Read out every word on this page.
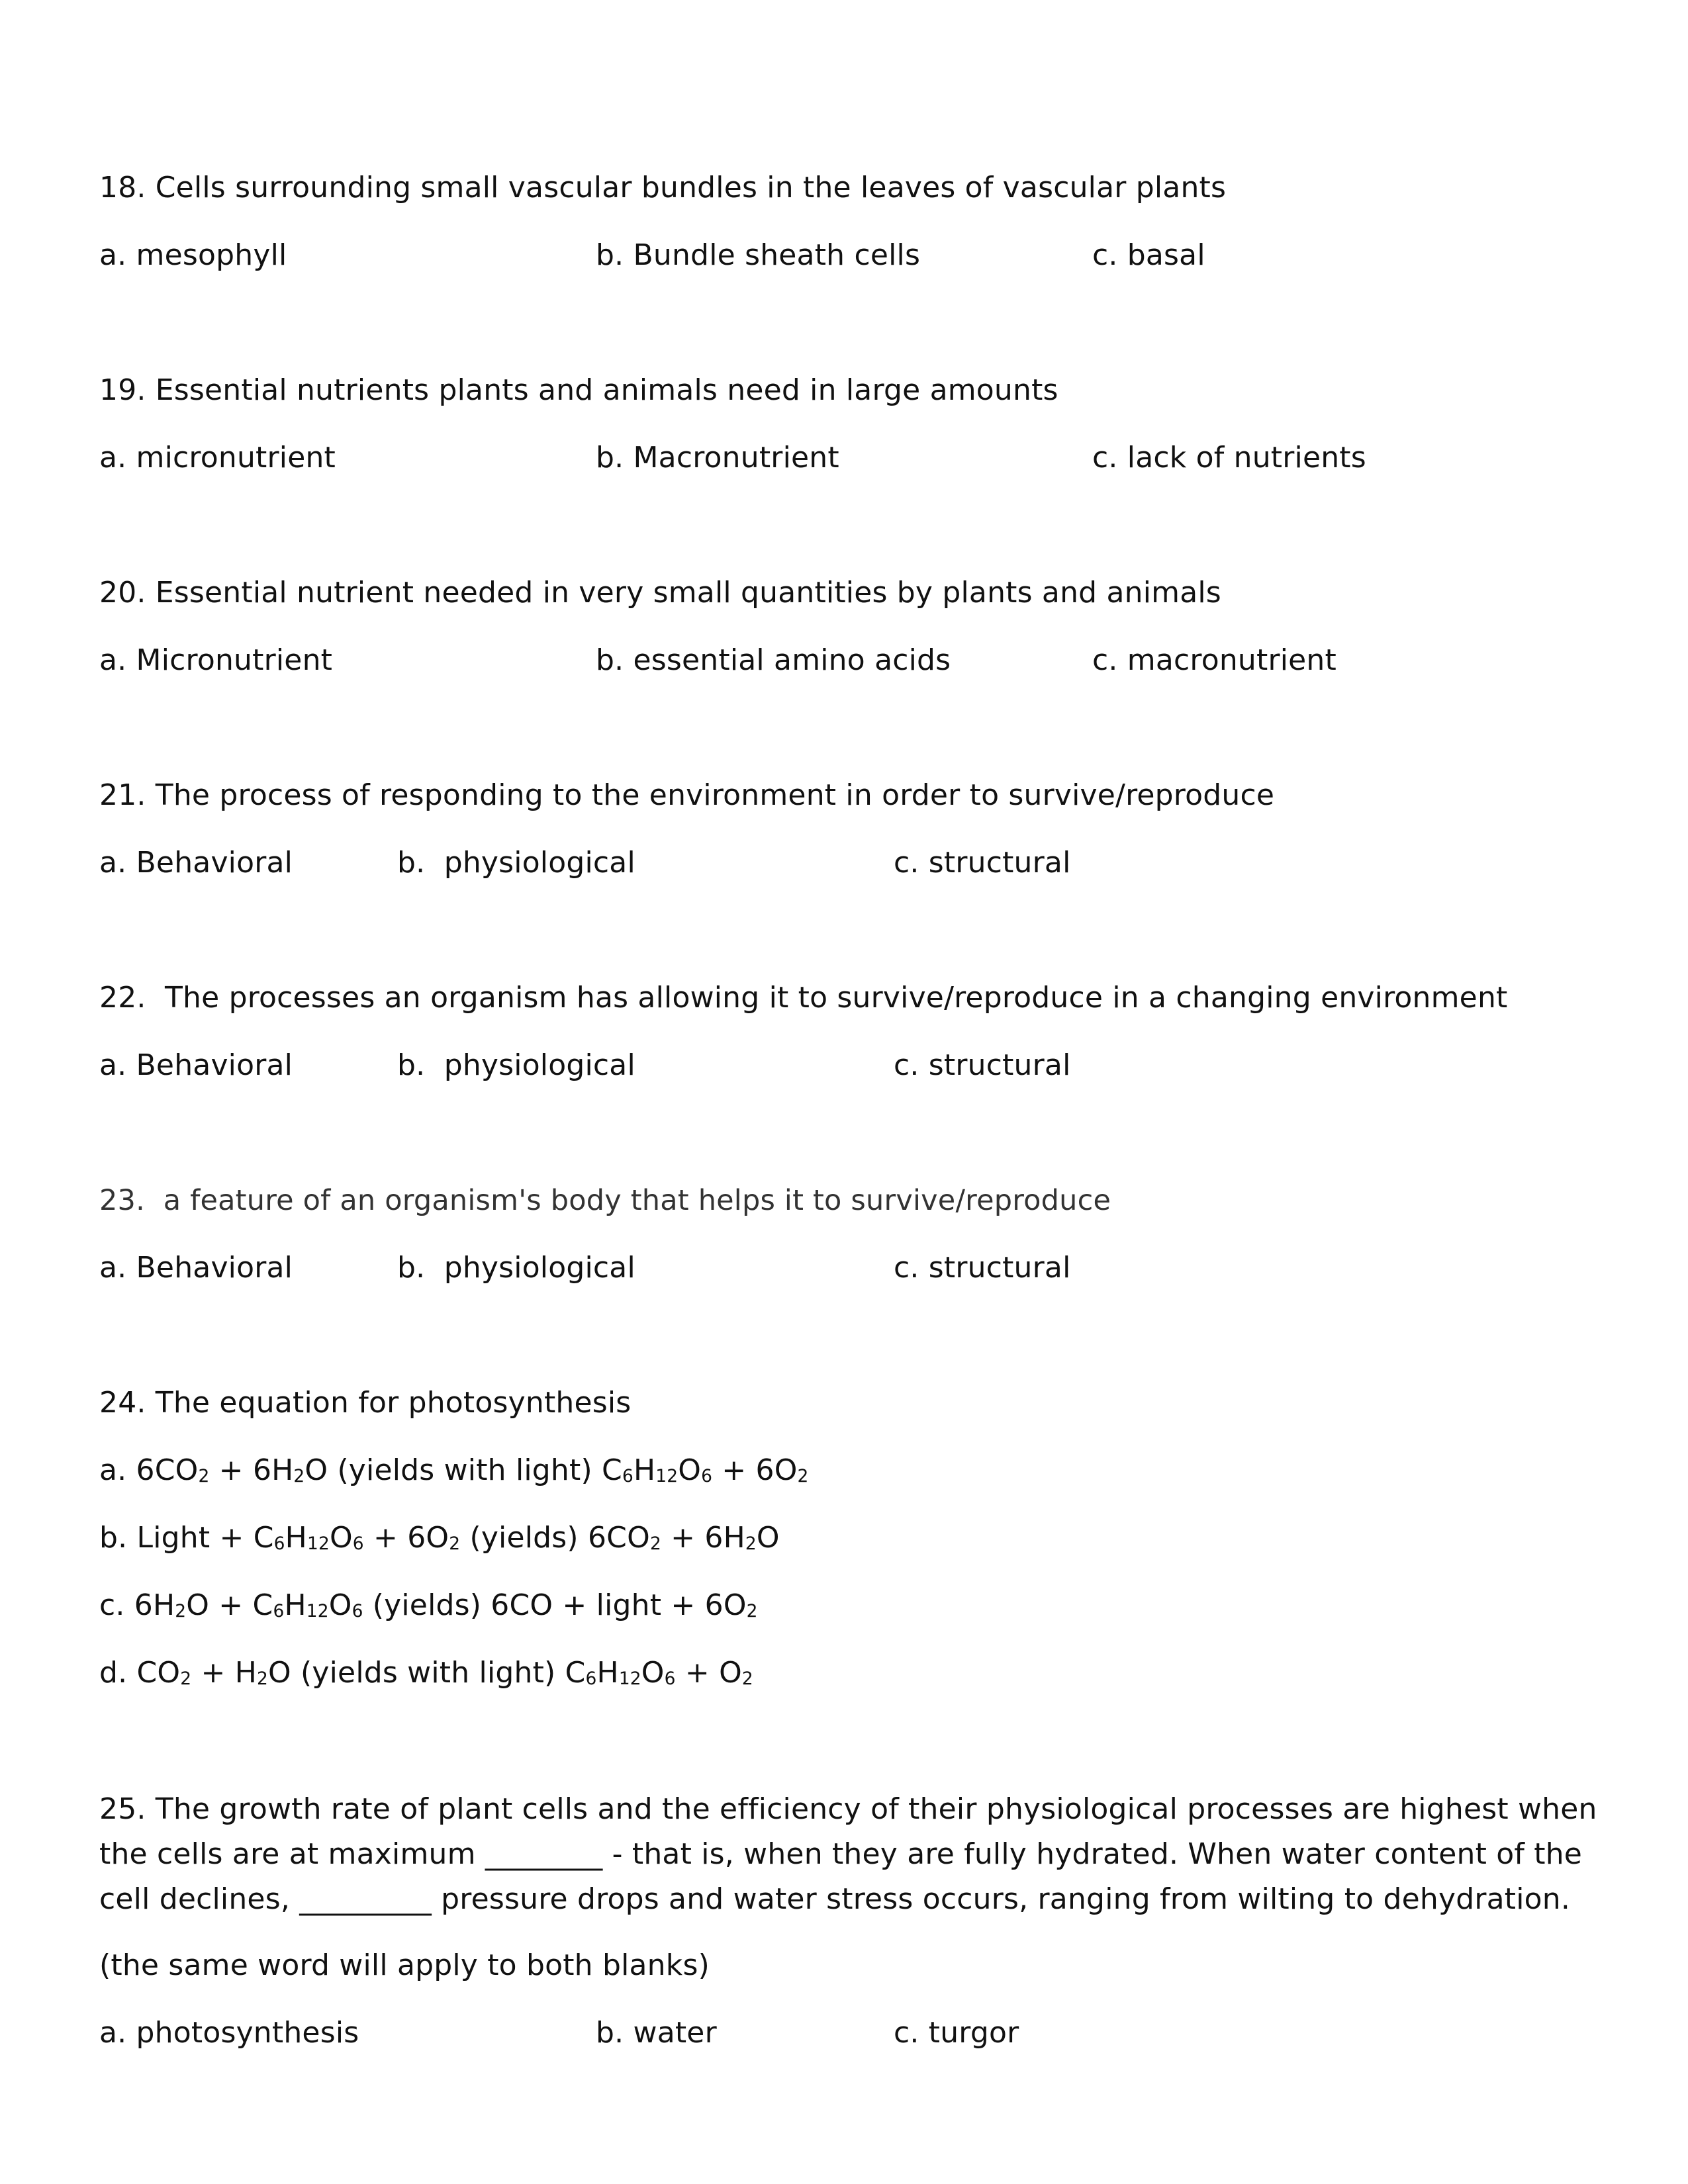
18. Cells surrounding small vascular bundles in the leaves of vascular plants
a. mesophyll	b. Bundle sheath cells	c. basal
19. Essential nutrients plants and animals need in large amounts
a. micronutrient	b. Macronutrient	c. lack of nutrients
20. Essential nutrient needed in very small quantities by plants and animals
a. Micronutrient	b. essential amino acids	c. macronutrient
21. The process of responding to the environment in order to survive/reproduce
a. Behavioral	b.  physiological	c. structural
22.  The processes an organism has allowing it to survive/reproduce in a changing environment
a. Behavioral	b.  physiological	c. structural
23.  a feature of an organism's body that helps it to survive/reproduce
a. Behavioral	b.  physiological	c. structural
24. The equation for photosynthesis
a. $6CO_2 + 6H_2O$ (yields with light) $C_6H_{12}O_6 + 6O_2$
b. Light + $C_6H_{12}O_6 + 6O_2$ (yields) $6CO_2 + 6H_2O$
c. $6H_2O + C_6H_{12}O_6$ (yields) 6CO + light + $6O_2$
d. $CO_2 + H_2O$ (yields with light) $C_6H_{12}O_6 + O_2$
25. The growth rate of plant cells and the efficiency of their physiological processes are highest when
the cells are at maximum ________ - that is, when they are fully hydrated. When water content of the
cell declines, _________ pressure drops and water stress occurs, ranging from wilting to dehydration.
(the same word will apply to both blanks)
a. photosynthesis	b. water	c. turgor
